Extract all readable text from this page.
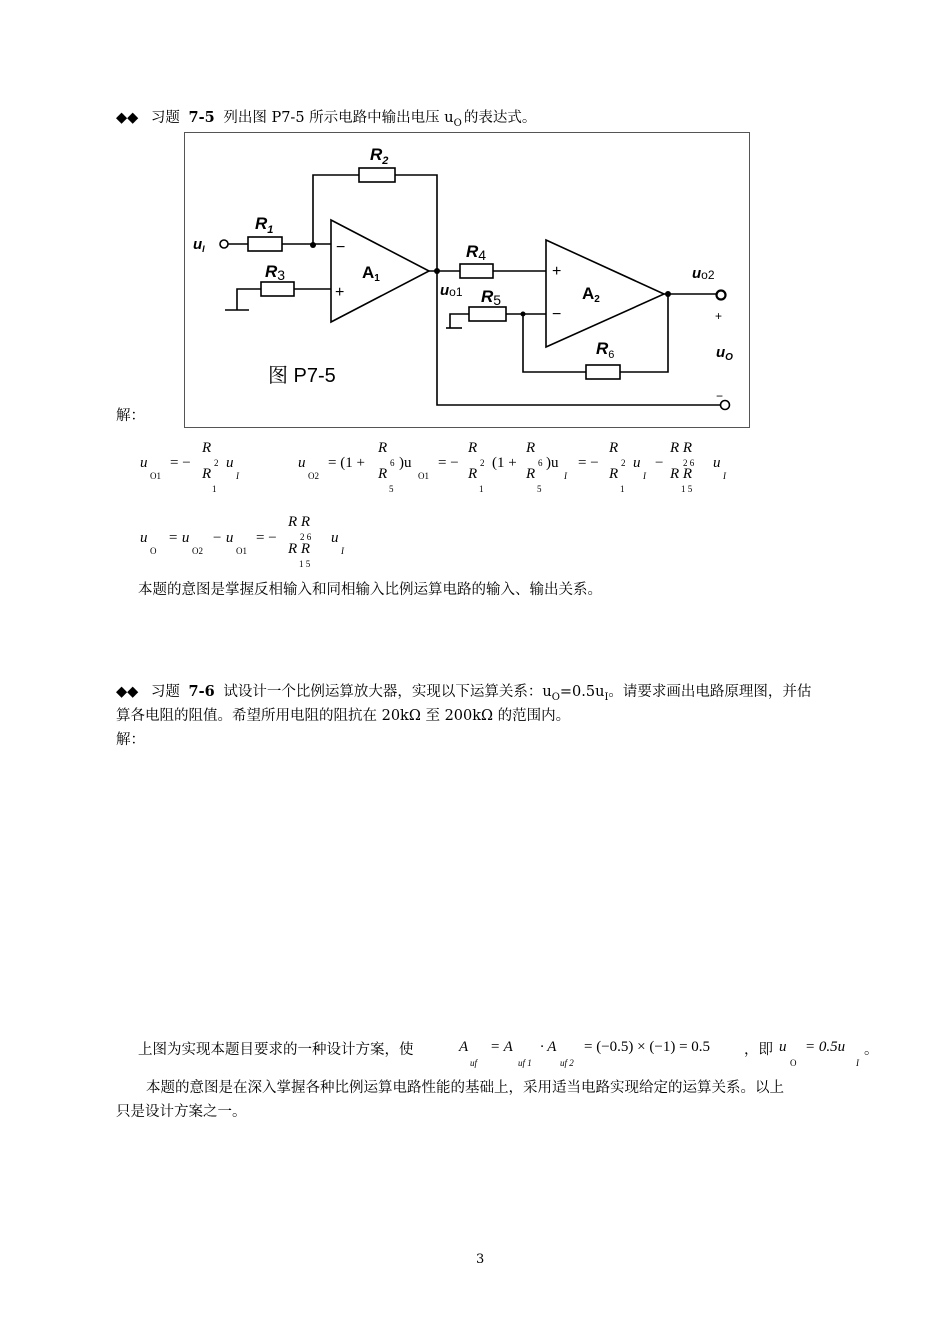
◆◆ 习题 7-5 列出图 P7-5 所示电路中输出电压 $u_O$ 的表达式。
$R_2$
$R_1$
R3
R4
R5
$R_6$
A1
A2
$u_I$
uo1
uo2
$u_O$
−
+
+
−	+
−
图 P7-5
解：
u
O1
= −
R
2
R
1
u
I
u
O2
= (1 +
R
6
R
5
)u
O1
= −
R
2
R
1
(1 +
R
6
R
5
)u
I
= −
R
2
R
1
u
I
−
R R
2 6
R R
1 5
u
I
u
O
= u
O2
− u
O1
= −
R R
2 6
R R
1 5
u
I
本题的意图是掌握反相输入和同相输入比例运算电路的输入、输出关系。
◆◆ 习题 7-6 试设计一个比例运算放大器，实现以下运算关系：$u_O=0.5u_I$。请要求画出电路原理图，并估
算各电阻的阻值。希望所用电阻的阻抗在 20kΩ 至 200kΩ 的范围内。
解：
上图为实现本题目要求的一种设计方案，使	A
uf
= A
uf 1
· A
uf 2
= (−0.5) × (−1) = 0.5 ，即 u
O
= 0.5u
I
。
本题的意图是在深入掌握各种比例运算电路性能的基础上，采用适当电路实现给定的运算关系。以上
只是设计方案之一。
3
